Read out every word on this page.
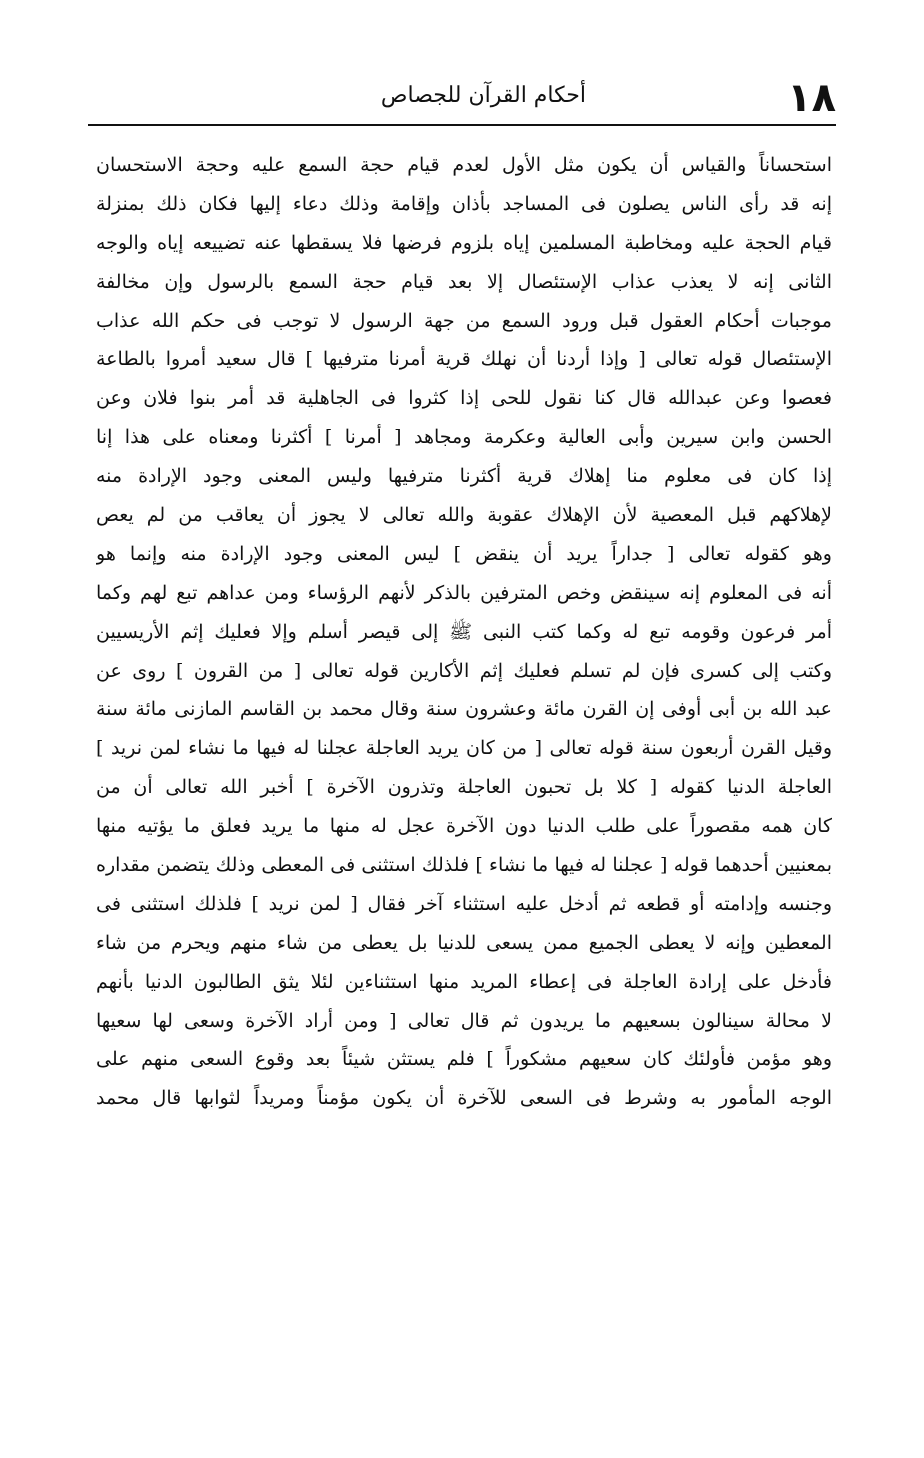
١٨
أحكام القرآن للجصاص
استحساناً والقياس أن يكون مثل الأول لعدم قيام حجة السمع عليه وحجة الاستحسان
إنه قد رأى الناس يصلون فى المساجد بأذان وإقامة وذلك دعاء إليها فكان ذلك بمنزلة
قيام الحجة عليه ومخاطبة المسلمين إياه بلزوم فرضها فلا يسقطها عنه تضييعه إياه والوجه
الثانى إنه لا يعذب عذاب الإستئصال إلا بعد قيام حجة السمع بالرسول وإن مخالفة
موجبات أحكام العقول قبل ورود السمع من جهة الرسول لا توجب فى حكم الله عذاب
الإستئصال قوله تعالى [ وإذا أردنا أن نهلك قرية أمرنا مترفيها ] قال سعيد أمروا بالطاعة
فعصوا وعن عبدالله قال كنا نقول للحى إذا كثروا فى الجاهلية قد أمر بنوا فلان وعن
الحسن وابن سيرين وأبى العالية وعكرمة ومجاهد [ أمرنا ] أكثرنا ومعناه على هذا إنا
إذا كان فى معلوم منا إهلاك قرية أكثرنا مترفيها وليس المعنى وجود الإرادة منه
لإهلاكهم قبل المعصية لأن الإهلاك عقوبة والله تعالى لا يجوز أن يعاقب من لم يعص
وهو كقوله تعالى [ جداراً يريد أن ينقض ] ليس المعنى وجود الإرادة منه وإنما هو
أنه فى المعلوم إنه سينقض وخص المترفين بالذكر لأنهم الرؤساء ومن عداهم تبع لهم وكما
أمر فرعون وقومه تبع له وكما كتب النبى ﷺ إلى قيصر أسلم وإلا فعليك إثم الأريسيين
وكتب إلى كسرى فإن لم تسلم فعليك إثم الأكارين قوله تعالى [ من القرون ] روى عن
عبد الله بن أبى أوفى إن القرن مائة وعشرون سنة وقال محمد بن القاسم المازنى مائة سنة
وقيل القرن أربعون سنة قوله تعالى [ من كان يريد العاجلة عجلنا له فيها ما نشاء لمن نريد ]
العاجلة الدنيا كقوله [ كلا بل تحبون العاجلة وتذرون الآخرة ] أخبر الله تعالى أن من
كان همه مقصوراً على طلب الدنيا دون الآخرة عجل له منها ما يريد فعلق ما يؤتيه منها
بمعنيين أحدهما قوله [ عجلنا له فيها ما نشاء ] فلذلك استثنى فى المعطى وذلك يتضمن مقداره
وجنسه وإدامته أو قطعه ثم أدخل عليه استثناء آخر فقال [ لمن نريد ] فلذلك استثنى فى
المعطين وإنه لا يعطى الجميع ممن يسعى للدنيا بل يعطى من شاء منهم ويحرم من شاء
فأدخل على إرادة العاجلة فى إعطاء المريد منها استثناءين لئلا يثق الطالبون الدنيا بأنهم
لا محالة سينالون بسعيهم ما يريدون ثم قال تعالى [ ومن أراد الآخرة وسعى لها سعيها
وهو مؤمن فأولئك كان سعيهم مشكوراً ] فلم يستثن شيئاً بعد وقوع السعى منهم على
الوجه المأمور به وشرط فى السعى للآخرة أن يكون مؤمناً ومريداً لثوابها قال محمد
